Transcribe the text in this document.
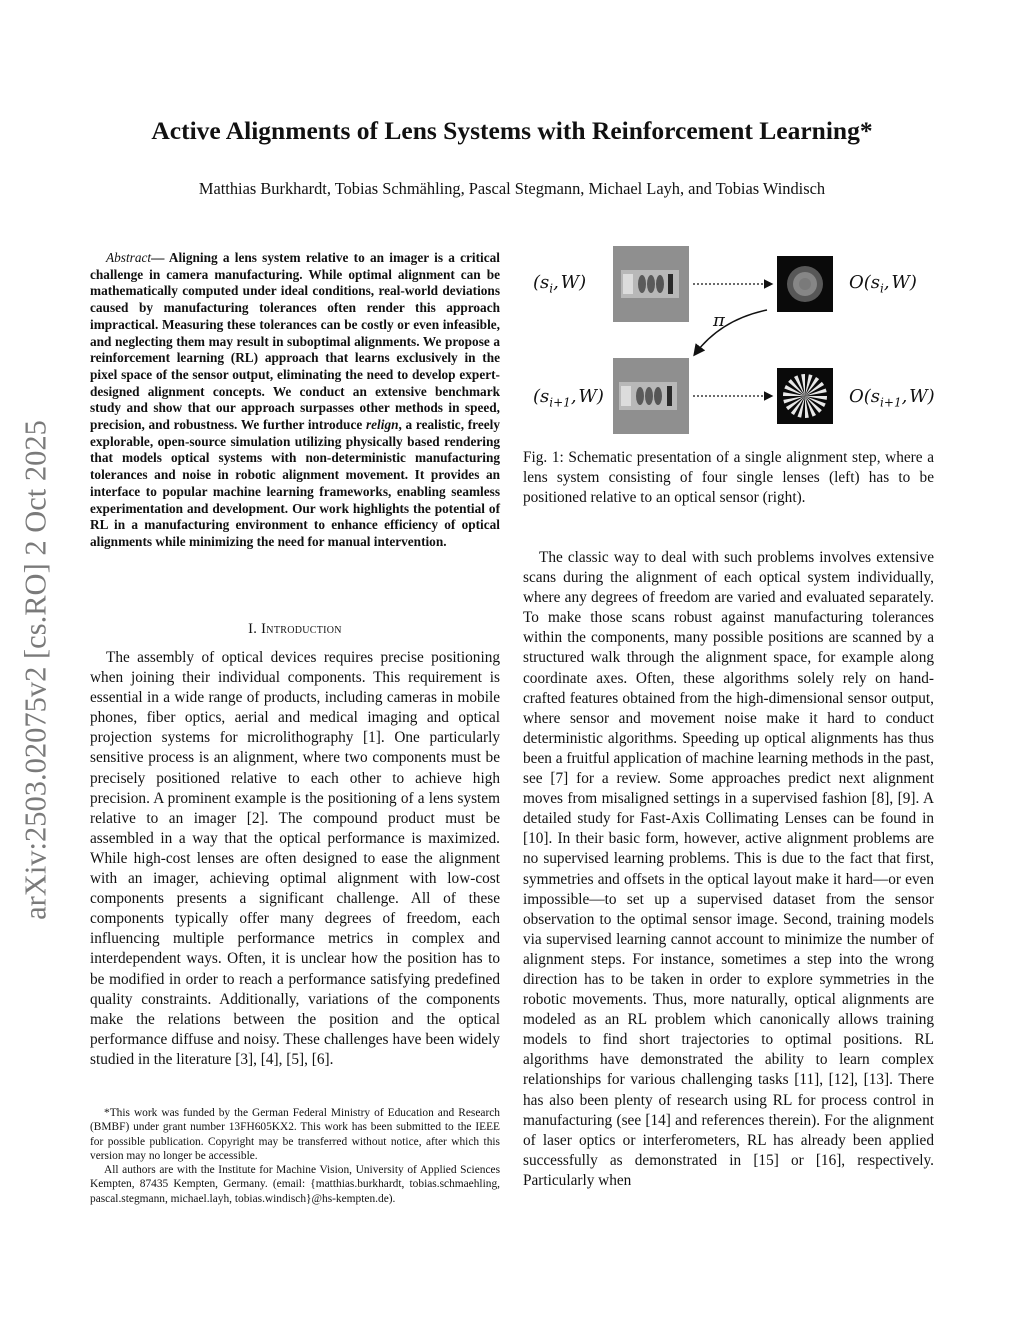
arXiv:2503.02075v2 [cs.RO] 2 Oct 2025
Active Alignments of Lens Systems with Reinforcement Learning*
Matthias Burkhardt, Tobias Schmähling, Pascal Stegmann, Michael Layh, and Tobias Windisch
Abstract— Aligning a lens system relative to an imager is a critical challenge in camera manufacturing. While optimal alignment can be mathematically computed under ideal conditions, real-world deviations caused by manufacturing tolerances often render this approach impractical. Measuring these tolerances can be costly or even infeasible, and neglecting them may result in suboptimal alignments. We propose a reinforcement learning (RL) approach that learns exclusively in the pixel space of the sensor output, eliminating the need to develop expert-designed alignment concepts. We conduct an extensive benchmark study and show that our approach surpasses other methods in speed, precision, and robustness. We further introduce relign, a realistic, freely explorable, open-source simulation utilizing physically based rendering that models optical systems with non-deterministic manufacturing tolerances and noise in robotic alignment movement. It provides an interface to popular machine learning frameworks, enabling seamless experimentation and development. Our work highlights the potential of RL in a manufacturing environment to enhance efficiency of optical alignments while minimizing the need for manual intervention.
I. Introduction

The assembly of optical devices requires precise positioning when joining their individual components. This requirement is essential in a wide range of products, including cameras in mobile phones, fiber optics, aerial and medical imaging and optical projection systems for microlithography [1]. One particularly sensitive process is an alignment, where two components must be precisely positioned relative to each other to achieve high precision. A prominent example is the positioning of a lens system relative to an imager [2]. The compound product must be assembled in a way that the optical performance is maximized. While high-cost lenses are often designed to ease the alignment with an imager, achieving optimal alignment with low-cost components presents a significant challenge. All of these components typically offer many degrees of freedom, each influencing multiple performance metrics in complex and interdependent ways. Often, it is unclear how the position has to be modified in order to reach a performance satisfying predefined quality constraints. Additionally, variations of the components make the relations between the position and the optical performance diffuse and noisy. These challenges have been widely studied in the literature [3], [4], [5], [6].

*This work was funded by the German Federal Ministry of Education and Research (BMBF) under grant number 13FH605KX2. This work has been submitted to the IEEE for possible publication. Copyright may be transferred without notice, after which this version may no longer be accessible.

All authors are with the Institute for Machine Vision, University of Applied Sciences Kempten, 87435 Kempten, Germany. (email: {matthias.burkhardt, tobias.schmaehling, pascal.stegmann, michael.layh, tobias.windisch}@hs-kempten.de).

($s_i$, W)	$O(s_i$, W)
π
($s_{i+1}$, W)	$O(s_{i+1}$, W)
Fig. 1: Schematic presentation of a single alignment step, where a lens system consisting of four single lenses (left) has to be positioned relative to an optical sensor (right).

The classic way to deal with such problems involves extensive scans during the alignment of each optical system individually, where any degrees of freedom are varied and evaluated separately. To make those scans robust against manufacturing tolerances within the components, many possible positions are scanned by a structured walk through the alignment space, for example along coordinate axes. Often, these algorithms solely rely on hand-crafted features obtained from the high-dimensional sensor output, where sensor and movement noise make it hard to conduct deterministic algorithms. Speeding up optical alignments has thus been a fruitful application of machine learning methods in the past, see [7] for a review. Some approaches predict next alignment moves from misaligned settings in a supervised fashion [8], [9]. A detailed study for Fast-Axis Collimating Lenses can be found in [10]. In their basic form, however, active alignment problems are no supervised learning problems. This is due to the fact that first, symmetries and offsets in the optical layout make it hard—or even impossible—to set up a supervised dataset from the sensor observation to the optimal sensor image. Second, training models via supervised learning cannot account to minimize the number of alignment steps. For instance, sometimes a step into the wrong direction has to be taken in order to explore symmetries in the robotic movements. Thus, more naturally, optical alignments are modeled as an RL problem which canonically allows training models to find short trajectories to optimal positions. RL algorithms have demonstrated the ability to learn complex relationships for various challenging tasks [11], [12], [13]. There has also been plenty of research using RL for process control in manufacturing (see [14] and references therein). For the alignment of laser optics or interferometers, RL has already been applied successfully as demonstrated in [15] or [16], respectively. Particularly when
